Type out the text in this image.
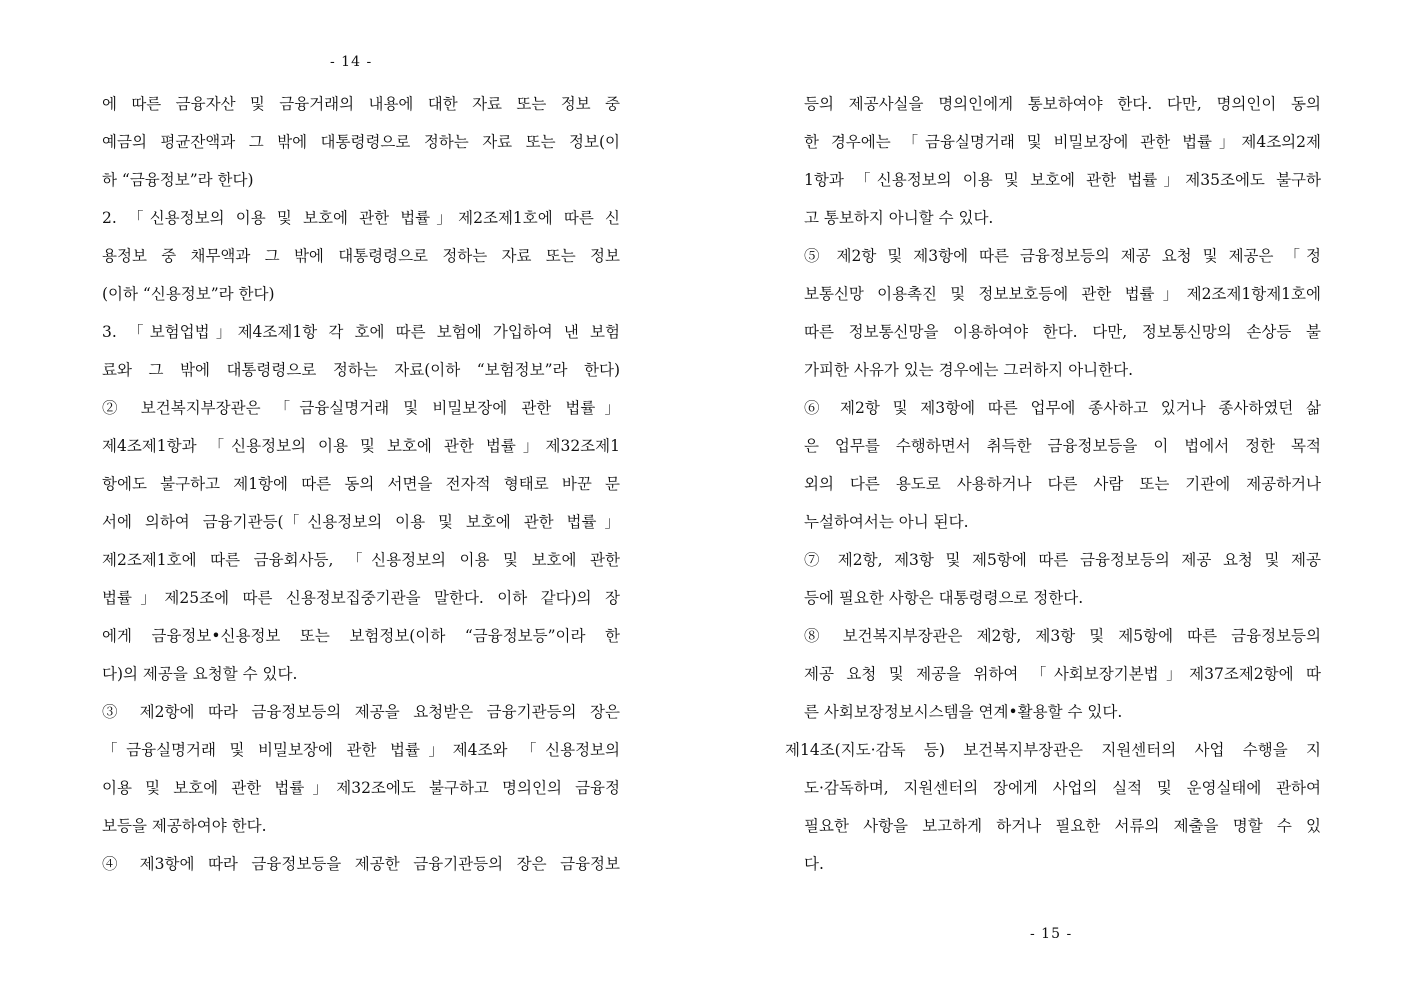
- 14 -
에 따른 금융자산 및 금융거래의 내용에 대한 자료 또는 정보 중
예금의 평균잔액과 그 밖에 대통령령으로 정하는 자료 또는 정보(이
하 “금융정보”라 한다)
2. 「신용정보의 이용 및 보호에 관한 법률」제2조제1호에 따른 신
용정보 중 채무액과 그 밖에 대통령령으로 정하는 자료 또는 정보
(이하 “신용정보”라 한다)
3. 「보험업법」제4조제1항 각 호에 따른 보험에 가입하여 낸 보험
료와 그 밖에 대통령령으로 정하는 자료(이하 “보험정보”라 한다)
② 보건복지부장관은 「금융실명거래 및 비밀보장에 관한 법률」
제4조제1항과 「신용정보의 이용 및 보호에 관한 법률」제32조제1
항에도 불구하고 제1항에 따른 동의 서면을 전자적 형태로 바꾼 문
서에 의하여 금융기관등(「신용정보의 이용 및 보호에 관한 법률」
제2조제1호에 따른 금융회사등, 「신용정보의 이용 및 보호에 관한
법률」제25조에 따른 신용정보집중기관을 말한다. 이하 같다)의 장
에게 금융정보•신용정보 또는 보험정보(이하 “금융정보등”이라 한
다)의 제공을 요청할 수 있다.
③ 제2항에 따라 금융정보등의 제공을 요청받은 금융기관등의 장은
「금융실명거래 및 비밀보장에 관한 법률」제4조와 「신용정보의
이용 및 보호에 관한 법률」제32조에도 불구하고 명의인의 금융정
보등을 제공하여야 한다.
④ 제3항에 따라 금융정보등을 제공한 금융기관등의 장은 금융정보
등의 제공사실을 명의인에게 통보하여야 한다. 다만, 명의인이 동의
한 경우에는 「금융실명거래 및 비밀보장에 관한 법률」제4조의2제
1항과 「신용정보의 이용 및 보호에 관한 법률」제35조에도 불구하
고 통보하지 아니할 수 있다.
⑤ 제2항 및 제3항에 따른 금융정보등의 제공 요청 및 제공은 「정
보통신망 이용촉진 및 정보보호등에 관한 법률」제2조제1항제1호에
따른 정보통신망을 이용하여야 한다. 다만, 정보통신망의 손상등 불
가피한 사유가 있는 경우에는 그러하지 아니한다.
⑥ 제2항 및 제3항에 따른 업무에 종사하고 있거나 종사하였던 삶
은 업무를 수행하면서 취득한 금융정보등을 이 법에서 정한 목적
외의 다른 용도로 사용하거나 다른 사람 또는 기관에 제공하거나
누설하여서는 아니 된다.
⑦ 제2항, 제3항 및 제5항에 따른 금융정보등의 제공 요청 및 제공
등에 필요한 사항은 대통령령으로 정한다.
⑧ 보건복지부장관은 제2항, 제3항 및 제5항에 따른 금융정보등의
제공 요청 및 제공을 위하여 「사회보장기본법」제37조제2항에 따
른 사회보장정보시스템을 연계•활용할 수 있다.
제14조(지도·감독 등) 보건복지부장관은 지원센터의 사업 수행을 지
도·감독하며, 지원센터의 장에게 사업의 실적 및 운영실태에 관하여
필요한 사항을 보고하게 하거나 필요한 서류의 제출을 명할 수 있
다.
- 15 -
